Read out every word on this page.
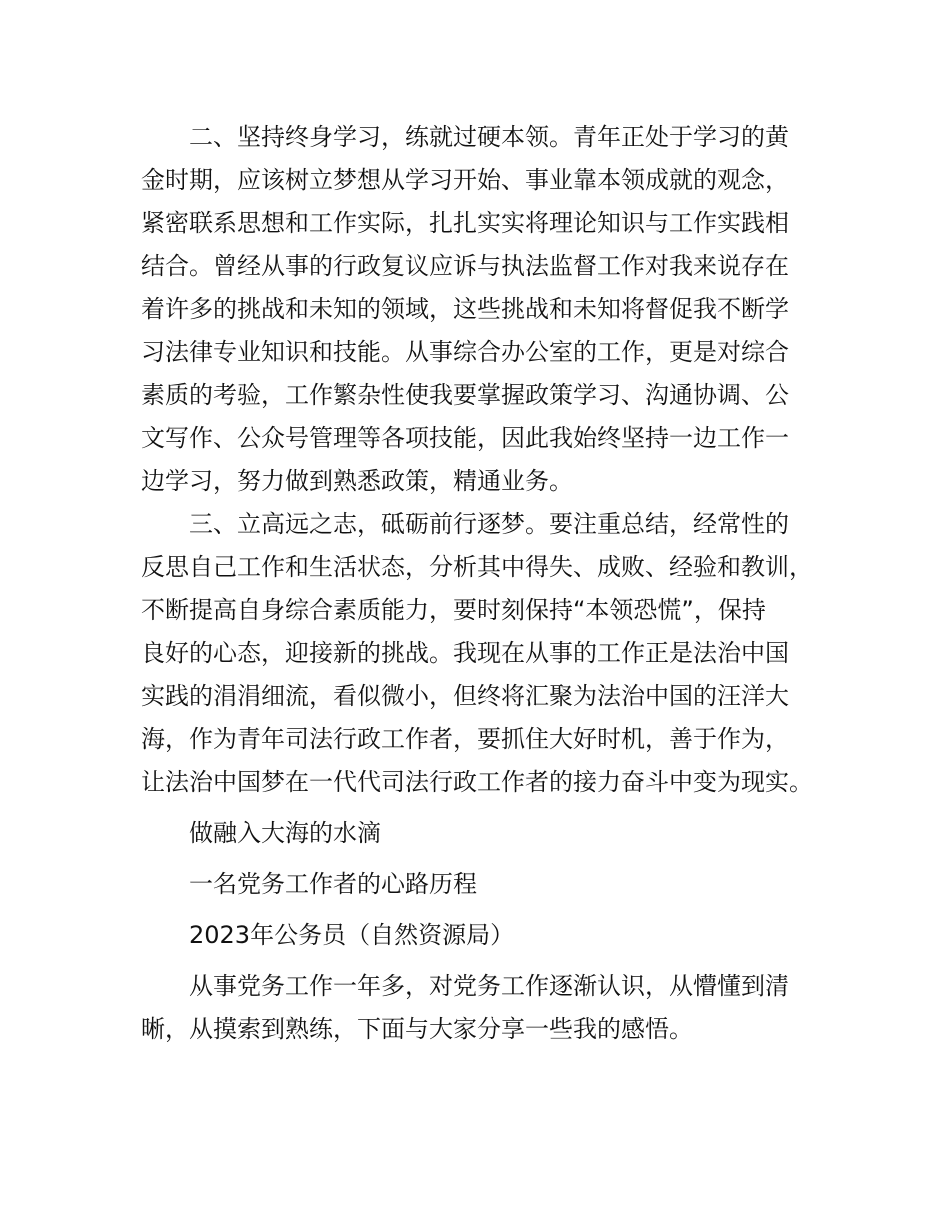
二、坚持终身学习，练就过硬本领。青年正处于学习的黄
金时期，应该树立梦想从学习开始、事业靠本领成就的观念，
紧密联系思想和工作实际，扎扎实实将理论知识与工作实践相
结合。曾经从事的行政复议应诉与执法监督工作对我来说存在
着许多的挑战和未知的领域，这些挑战和未知将督促我不断学
习法律专业知识和技能。从事综合办公室的工作，更是对综合
素质的考验，工作繁杂性使我要掌握政策学习、沟通协调、公
文写作、公众号管理等各项技能，因此我始终坚持一边工作一
边学习，努力做到熟悉政策，精通业务。
三、立高远之志，砥砺前行逐梦。要注重总结，经常性的
反思自己工作和生活状态，分析其中得失、成败、经验和教训，
不断提高自身综合素质能力，要时刻保持“本领恐慌”，保持
良好的心态，迎接新的挑战。我现在从事的工作正是法治中国
实践的涓涓细流，看似微小，但终将汇聚为法治中国的汪洋大
海，作为青年司法行政工作者，要抓住大好时机，善于作为，
让法治中国梦在一代代司法行政工作者的接力奋斗中变为现实。
做融入大海的水滴
一名党务工作者的心路历程
2023年公务员（自然资源局）
从事党务工作一年多，对党务工作逐渐认识，从懵懂到清
晰，从摸索到熟练，下面与大家分享一些我的感悟。
